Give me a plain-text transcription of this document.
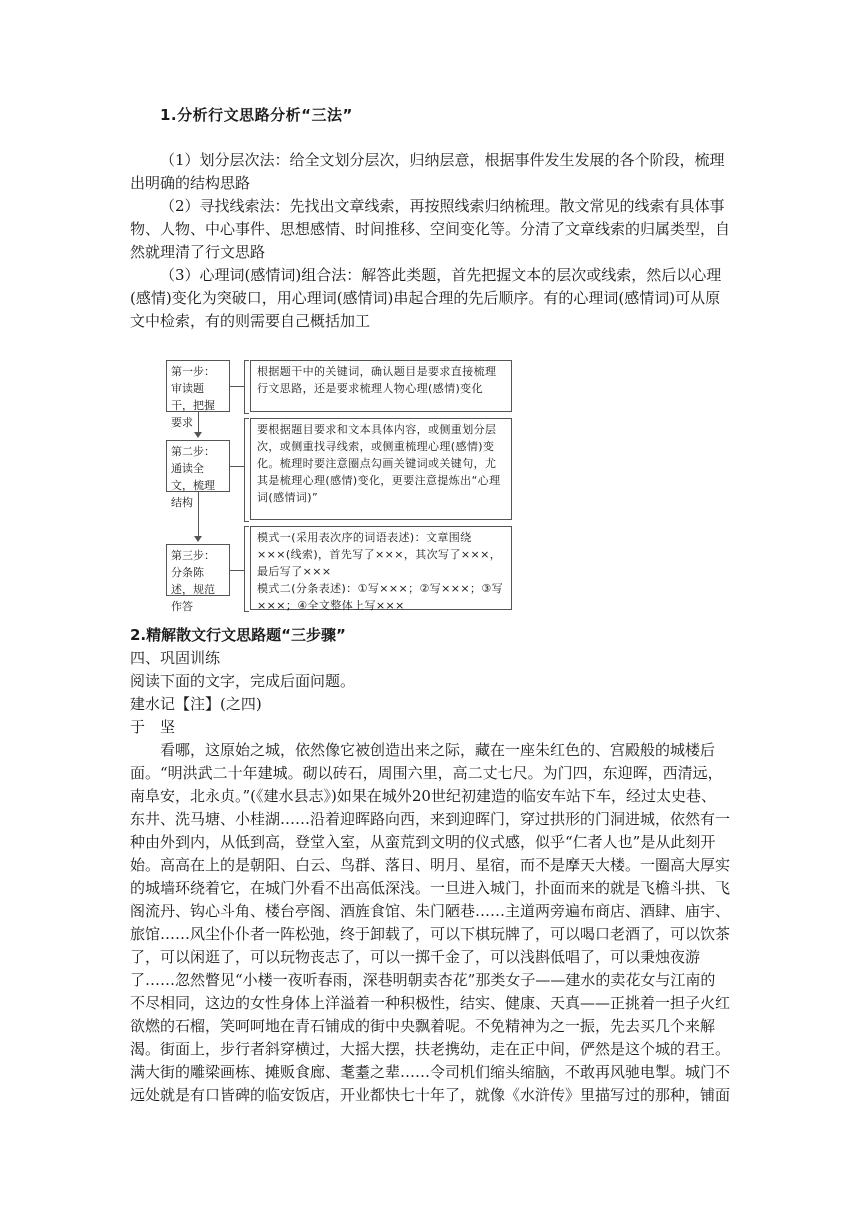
1.分析行文思路分析“三法”

（1）划分层次法：给全文划分层次，归纳层意，根据事件发生发展的各个阶段，梳理出明确的结构思路

（2）寻找线索法：先找出文章线索，再按照线索归纳梳理。散文常见的线索有具体事物、人物、中心事件、思想感情、时间推移、空间变化等。分清了文章线索的归属类型，自然就理清了行文思路

（3）心理词(感情词)组合法：解答此类题，首先把握文本的层次或线索，然后以心理(感情)变化为突破口，用心理词(感情词)串起合理的先后顺序。有的心理词(感情词)可从原文中检索，有的则需要自己概括加工

第一步：审读题干，把握要求
根据题干中的关键词，确认题目是要求直接梳理行文思路，还是要求梳理人物心理(感情)变化
第二步：通读全文，梳理结构
要根据题目要求和文本具体内容，或侧重划分层次，或侧重找寻线索，或侧重梳理心理(感情)变化。梳理时要注意圈点勾画关键词或关键句，尤其是梳理心理(感情)变化，更要注意提炼出“心理词(感情词)”
第三步：分条陈述，规范作答
模式一(采用表次序的词语表述)：文章围绕×××(线索)，首先写了×××，其次写了×××，最后写了×××
模式二(分条表述)：①写×××；②写×××；③写×××；④全文整体上写×××
2.精解散文行文思路题“三步骤”
四、巩固训练
阅读下面的文字，完成后面问题。
建水记【注】(之四)
于　坚

看哪，这原始之城，依然像它被创造出来之际，藏在一座朱红色的、宫殿般的城楼后面。“明洪武二十年建城。砌以砖石，周围六里，高二丈七尺。为门四，东迎晖，西清远，南阜安，北永贞。”(《建水县志》)如果在城外20世纪初建造的临安车站下车，经过太史巷、东井、洗马塘、小桂湖……沿着迎晖路向西，来到迎晖门，穿过拱形的门洞进城，依然有一种由外到内，从低到高，登堂入室，从蛮荒到文明的仪式感，似乎“仁者人也”是从此刻开始。 高高在上的是朝阳、白云、鸟群、落日、明月、星宿，而不是摩天大楼。一圈高大厚实的城墙环绕着它，在城门外看不出高低深浅。一旦进入城门，扑面而来的就是飞檐斗拱、飞阁流丹、钩心斗角、楼台亭阁、酒旌食馆、朱门陋巷……主道两旁遍布商店、酒肆、庙宇、旅馆……风尘仆仆者一阵松弛，终于卸载了，可以下棋玩牌了，可以喝口老酒了，可以饮茶了，可以闲逛了，可以玩物丧志了，可以一掷千金了，可以浅斟低唱了，可以秉烛夜游了……忽然瞥见“小楼一夜听春雨，深巷明朝卖杏花”那类女子——建水的卖花女与江南的不尽相同，这边的女性身体上洋溢着一种积极性，结实、健康、天真——正挑着一担子火红欲燃的石榴，笑呵呵地在青石铺成的街中央飘着呢。不免精神为之一振，先去买几个来解渴。 街面上，步行者斜穿横过，大摇大摆，扶老携幼，走在正中间，俨然是这个城的君王。满大街的雕梁画栋、摊贩食廊、耄耋之辈……令司机们缩头缩脑，不敢再风驰电掣。城门不远处就是有口皆碑的临安饭店，开业都快七十年了，就像《水浒传》里描写过的那种，铺面
